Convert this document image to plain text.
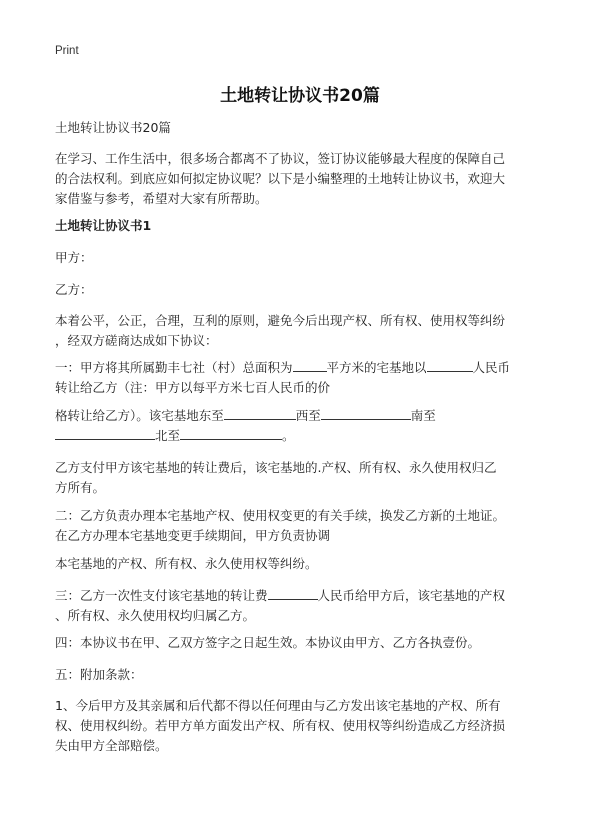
Print
土地转让协议书20篇
土地转让协议书20篇
在学习、工作生活中，很多场合都离不了协议，签订协议能够最大程度的保障自己
的合法权利。到底应如何拟定协议呢？以下是小编整理的土地转让协议书，欢迎大
家借鉴与参考，希望对大家有所帮助。
土地转让协议书1
甲方：
乙方：
本着公平，公正，合理，互利的原则，避免今后出现产权、所有权、使用权等纠纷
，经双方磋商达成如下协议：
一：甲方将其所属勤丰七社（村）总面积为	平方米的宅基地以	人民币
转让给乙方（注：甲方以每平方米七百人民币的价
格转让给乙方）。该宅基地东至	西至	南至
北至	。
乙方支付甲方该宅基地的转让费后，该宅基地的.产权、所有权、永久使用权归乙
方所有。
二：乙方负责办理本宅基地产权、使用权变更的有关手续，换发乙方新的土地证。
在乙方办理本宅基地变更手续期间，甲方负责协调
本宅基地的产权、所有权、永久使用权等纠纷。
三：乙方一次性支付该宅基地的转让费	人民币给甲方后，该宅基地的产权
、所有权、永久使用权均归属乙方。
四：本协议书在甲、乙双方签字之日起生效。本协议由甲方、乙方各执壹份。
五：附加条款：
1、今后甲方及其亲属和后代都不得以任何理由与乙方发出该宅基地的产权、所有
权、使用权纠纷。若甲方单方面发出产权、所有权、使用权等纠纷造成乙方经济损
失由甲方全部赔偿。
